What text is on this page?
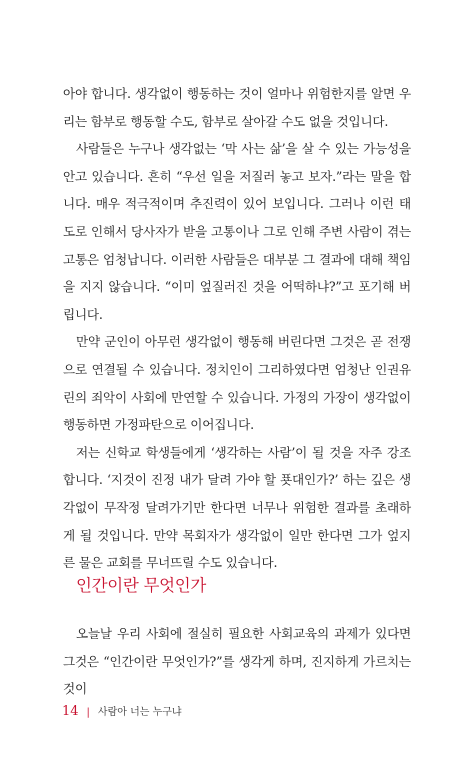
아야 합니다. 생각없이 행동하는 것이 얼마나 위험한지를 알면 우리는 함부로 행동할 수도, 함부로 살아갈 수도 없을 것입니다.

사람들은 누구나 생각없는 ‘막 사는 삶’을 살 수 있는 가능성을 안고 있습니다. 흔히 “우선 일을 저질러 놓고 보자.”라는 말을 합니다. 매우 적극적이며 추진력이 있어 보입니다. 그러나 이런 태도로 인해서 당사자가 받을 고통이나 그로 인해 주변 사람이 겪는 고통은 엄청납니다. 이러한 사람들은 대부분 그 결과에 대해 책임을 지지 않습니다. “이미 엎질러진 것을 어떡하냐?”고 포기해 버립니다.

만약 군인이 아무런 생각없이 행동해 버린다면 그것은 곧 전쟁으로 연결될 수 있습니다. 정치인이 그리하였다면 엄청난 인권유린의 죄악이 사회에 만연할 수 있습니다. 가정의 가장이 생각없이 행동하면 가정파탄으로 이어집니다.

저는 신학교 학생들에게 ‘생각하는 사람’이 될 것을 자주 강조합니다. ‘지것이 진정 내가 달려 가야 할 푯대인가?’ 하는 깊은 생각없이 무작정 달려가기만 한다면 너무나 위험한 결과를 초래하게 될 것입니다. 만약 목회자가 생각없이 일만 한다면 그가 엎지른 물은 교회를 무너뜨릴 수도 있습니다.

인간이란 무엇인가

오늘날 우리 사회에 절실히 필요한 사회교육의 과제가 있다면 그것은 “인간이란 무엇인가?”를 생각게 하며, 진지하게 가르치는 것이

14 | 사람아 너는 누구냐
